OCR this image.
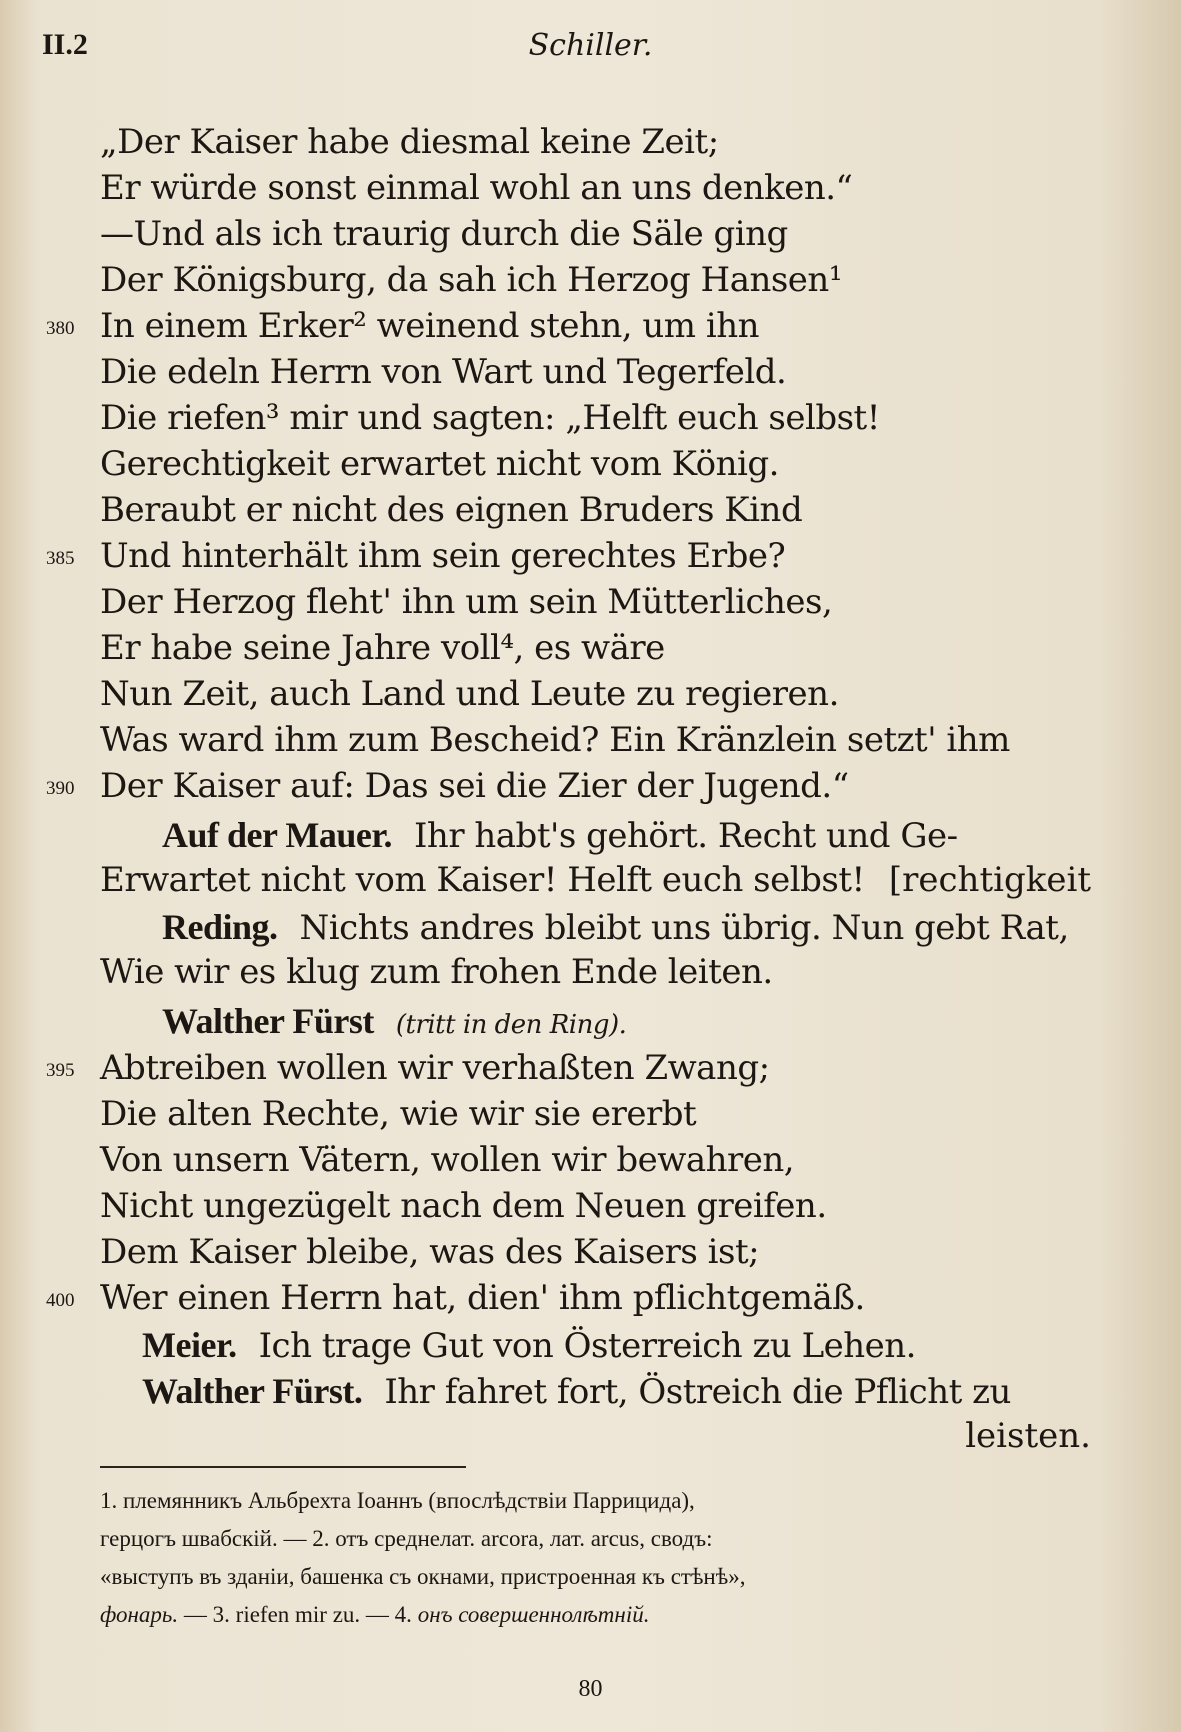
II.2	Schiller.
„Der Kaiser habe diesmal keine Zeit;
Er würde sonst einmal wohl an uns denken.“
—Und als ich traurig durch die Säle ging
Der Königsburg, da sah ich Herzog Hansen¹
380 In einem Erker² weinend stehn, um ihn
Die edeln Herrn von Wart und Tegerfeld.
Die riefen³ mir und sagten: „Helft euch selbst!
Gerechtigkeit erwartet nicht vom König.
Beraubt er nicht des eignen Bruders Kind
385 Und hinterhält ihm sein gerechtes Erbe?
Der Herzog fleht' ihn um sein Mütterliches,
Er habe seine Jahre voll⁴, es wäre
Nun Zeit, auch Land und Leute zu regieren.
Was ward ihm zum Bescheid? Ein Kränzlein setzt' ihm
390 Der Kaiser auf: Das sei die Zier der Jugend.“
Auf der Mauer. Ihr habt's gehört. Recht und Ge-
Erwartet nicht vom Kaiser! Helft euch selbst! [rechtigkeit
Reding. Nichts andres bleibt uns übrig. Nun gebt Rat,
Wie wir es klug zum frohen Ende leiten.
Walther Fürst (tritt in den Ring).
395 Abtreiben wollen wir verhaßten Zwang;
Die alten Rechte, wie wir sie ererbt
Von unsern Vätern, wollen wir bewahren,
Nicht ungezügelt nach dem Neuen greifen.
Dem Kaiser bleibe, was des Kaisers ist;
400 Wer einen Herrn hat, dien' ihm pflichtgemäß.
Meier. Ich trage Gut von Österreich zu Lehen.
Walther Fürst. Ihr fahret fort, Östreich die Pflicht zu
leisten.
1. племянникъ Альбрехта Іоаннъ (впослѣдствіи Паррицида),
герцогъ швабскій. — 2. отъ среднелат. arcora, лат. arcus, сводъ:
«выступъ въ зданіи, башенка съ окнами, пристроенная къ стѣнѣ»,
фонарь. — 3. riefen mir zu. — 4. онъ совершеннолѣтній.
80
